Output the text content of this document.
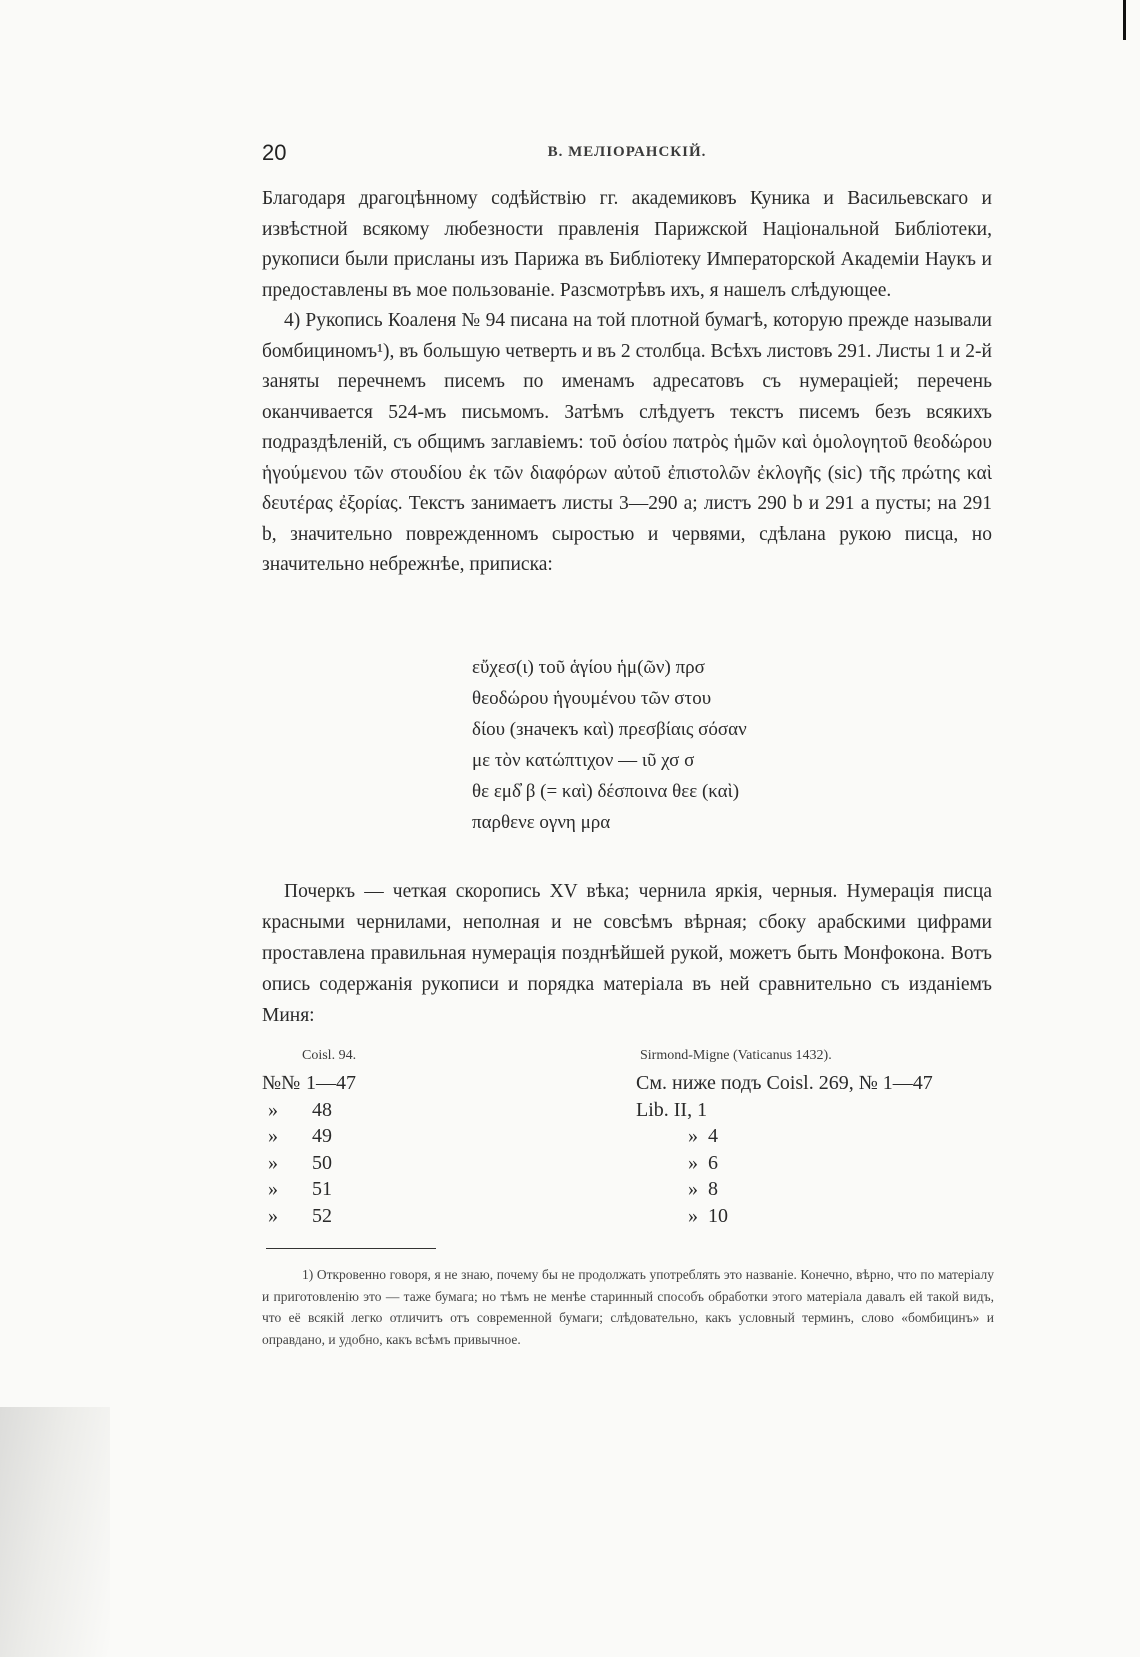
20	В. МЕЛІОРАНСКІЙ.

Благодаря драгоцѣнному содѣйствію гг. академиковъ Куника и Васильевскаго и извѣстной всякому любезности правленія Парижской Національной Библіотеки, рукописи были присланы изъ Парижа въ Библіотеку Императорской Академіи Наукъ и предоставлены въ мое пользованіе. Разсмотрѣвъ ихъ, я нашелъ слѣдующее.

4) Рукопись Коаленя № 94 писана на той плотной бумагѣ, которую прежде называли бомбициномъ¹), въ большую четверть и въ 2 столбца. Всѣхъ листовъ 291. Листы 1 и 2-й заняты перечнемъ писемъ по именамъ адресатовъ съ нумераціей; перечень оканчивается 524-мъ письмомъ. Затѣмъ слѣдуетъ текстъ писемъ безъ всякихъ подраздѣленій, съ общимъ заглавіемъ: τοῦ ὁσίου πατρὸς ἡμῶν καὶ ὁμολογητοῦ θεοδώρου ἡγούμενου τῶν στουδίου ἐκ τῶν διαφόρων αὐτοῦ ἐπιστολῶν ἐκλογῆς (sic) τῆς πρώτης καὶ δευτέρας ἐξορίας. Текстъ занимаетъ листы 3—290 а; листъ 290 b и 291 a пусты; на 291 b, значительно поврежденномъ сыростью и червями, сдѣлана рукою писца, но значительно небрежнѣе, приписка:

εὔχεσ(ι) τοῦ ἁγίου ἡμ(ῶν) πρσ
θεοδώρου ἡγουμένου τῶν στου
δίου (значекъ καὶ) πρεσβίαις σόσαν
με τὸν κατώπτιχον — ιῦ χσ σ
θε εμδ̓ β (= καὶ) δέσποινα θεε (καὶ)
παρθενε ογνη μρα

Почеркъ — четкая скоропись XV вѣка; чернила яркія, черныя. Нумерація писца красными чернилами, неполная и не совсѣмъ вѣрная; сбоку арабскими цифрами проставлена правильная нумерація позднѣйшей рукой, можетъ быть Монфокона. Вотъ опись содержанія рукописи и порядка матеріала въ ней сравнительно съ изданіемъ Миня:

Coisl. 94.	Sirmond-Migne (Vaticanus 1432).
№№ 1—47
» 48
» 49
» 50
» 51
» 52
См. ниже подъ Coisl. 269, № 1—47
Lib. II, 1
» 4
» 6
» 8
» 10

1) Откровенно говоря, я не знаю, почему бы не продолжать употреблять это названіе. Конечно, вѣрно, что по матеріалу и приготовленію это — таже бумага; но тѣмъ не менѣе старинный способъ обработки этого матеріала давалъ ей такой видъ, что её всякій легко отличитъ отъ современной бумаги; слѣдовательно, какъ условный терминъ, слово «бомбицинъ» и оправдано, и удобно, какъ всѣмъ привычное.
